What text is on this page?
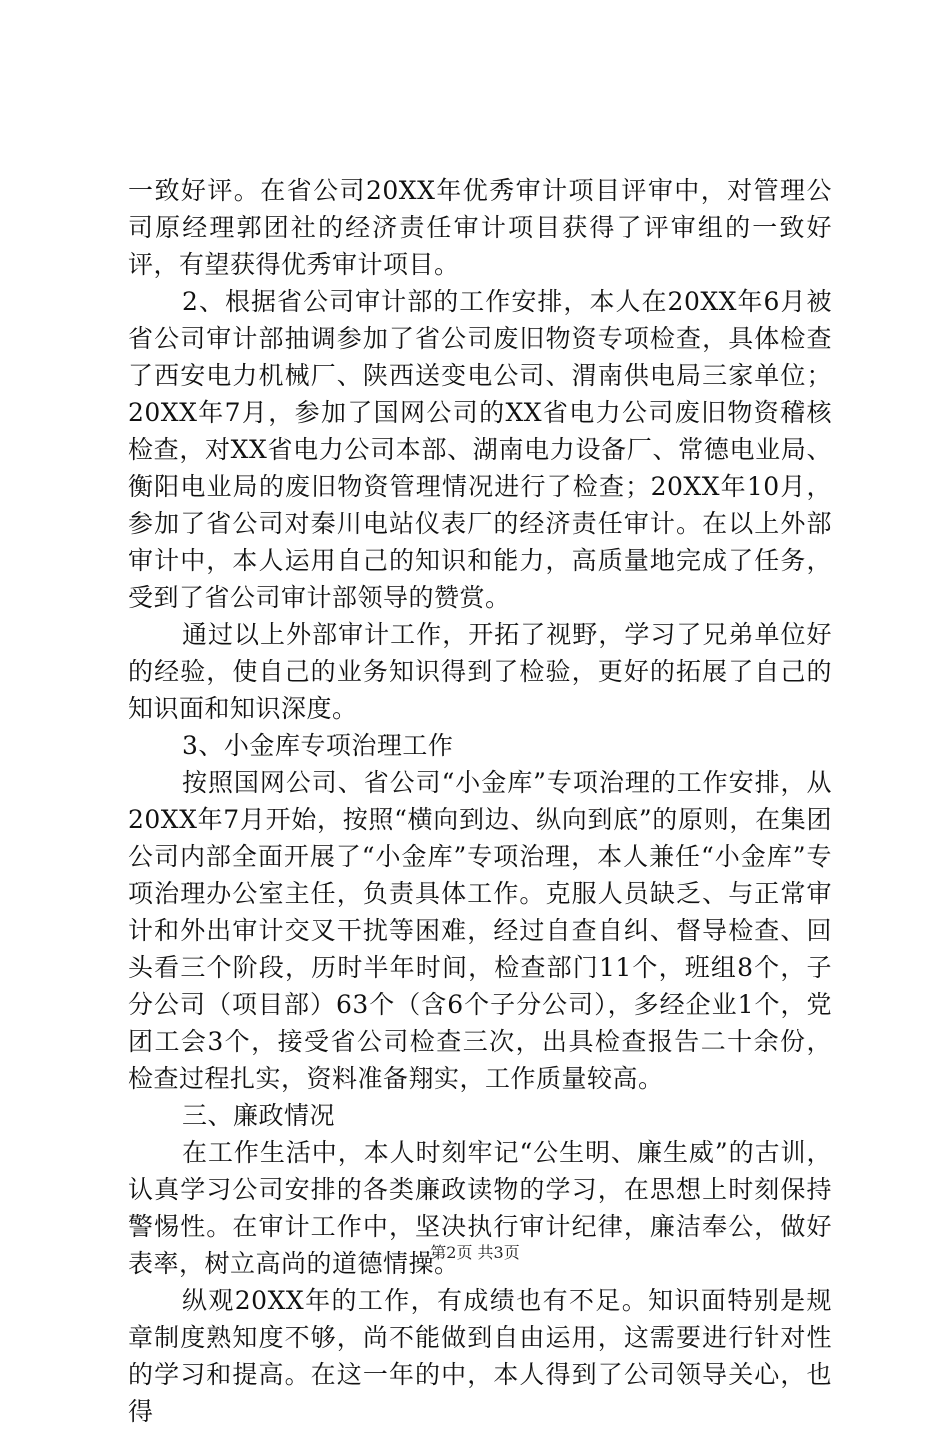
一致好评。在省公司20XX年优秀审计项目评审中，对管理公司原经理郭团社的经济责任审计项目获得了评审组的一致好评，有望获得优秀审计项目。

2、根据省公司审计部的工作安排，本人在20XX年6月被省公司审计部抽调参加了省公司废旧物资专项检查，具体检查了西安电力机械厂、陕西送变电公司、渭南供电局三家单位；20XX年7月，参加了国网公司的XX省电力公司废旧物资稽核检查，对XX省电力公司本部、湖南电力设备厂、常德电业局、衡阳电业局的废旧物资管理情况进行了检查；20XX年10月，参加了省公司对秦川电站仪表厂的经济责任审计。在以上外部审计中，本人运用自己的知识和能力，高质量地完成了任务，受到了省公司审计部领导的赞赏。

通过以上外部审计工作，开拓了视野，学习了兄弟单位好的经验，使自己的业务知识得到了检验，更好的拓展了自己的知识面和知识深度。

3、小金库专项治理工作

按照国网公司、省公司“小金库”专项治理的工作安排，从20XX年7月开始，按照“横向到边、纵向到底”的原则，在集团公司内部全面开展了“小金库”专项治理，本人兼任“小金库”专项治理办公室主任，负责具体工作。克服人员缺乏、与正常审计和外出审计交叉干扰等困难，经过自查自纠、督导检查、回头看三个阶段，历时半年时间，检查部门11个，班组8个，子分公司（项目部）63个（含6个子分公司），多经企业1个，党团工会3个，接受省公司检查三次，出具检查报告二十余份，检查过程扎实，资料准备翔实，工作质量较高。

三、廉政情况

在工作生活中，本人时刻牢记“公生明、廉生威”的古训，认真学习公司安排的各类廉政读物的学习，在思想上时刻保持警惕性。在审计工作中，坚决执行审计纪律，廉洁奉公，做好表率，树立高尚的道德情操。

纵观20XX年的工作，有成绩也有不足。知识面特别是规章制度熟知度不够，尚不能做到自由运用，这需要进行针对性的学习和提高。在这一年的中，本人得到了公司领导关心，也得

第2页 共3页
